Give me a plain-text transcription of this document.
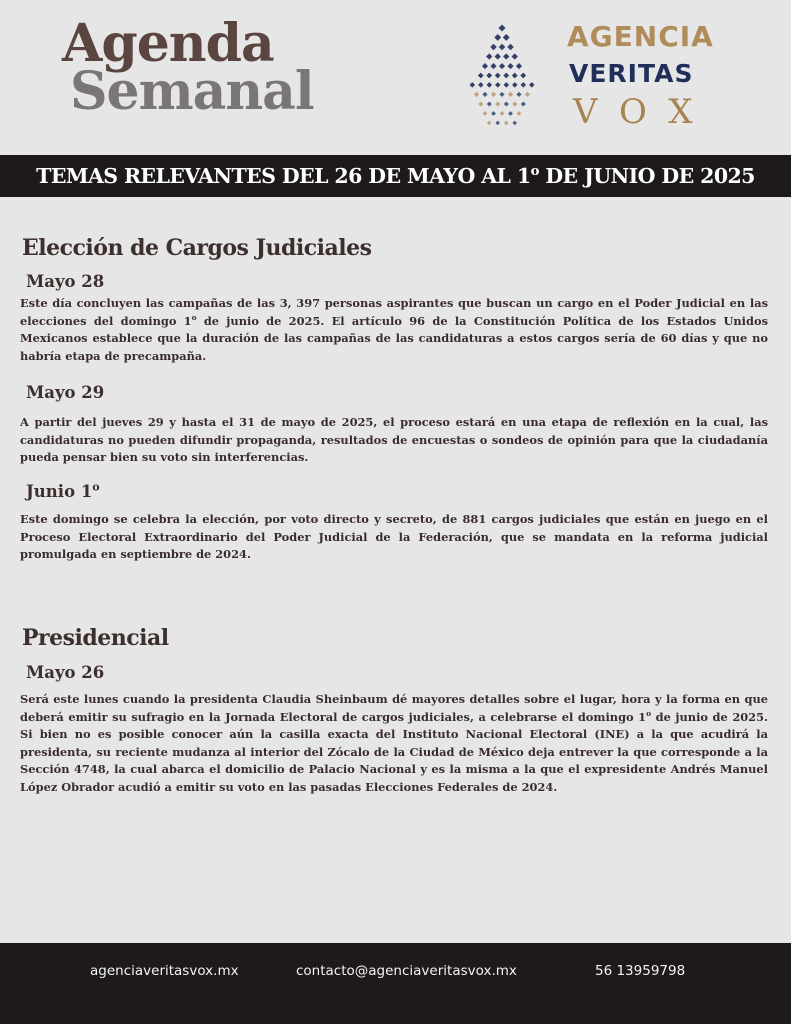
Agenda
Semanal
AGENCIA
VERITAS
VOX
TEMAS RELEVANTES DEL 26 DE MAYO AL 1$^o$ DE JUNIO DE 2025
Elección de Cargos Judiciales
Mayo 28
Este día concluyen las campañas de las 3, 397 personas aspirantes que buscan un cargo en el Poder Judicial en las elecciones del domingo 1$^o$ de junio de 2025. El artículo 96 de la Constitución Política de los Estados Unidos Mexicanos establece que la duración de las campañas de las candidaturas a estos cargos sería de 60 días y que no habría etapa de precampaña.
Mayo 29
A partir del jueves 29 y hasta el 31 de mayo de 2025, el proceso estará en una etapa de reflexión en la cual, las candidaturas no pueden difundir propaganda, resultados de encuestas o sondeos de opinión para que la ciudadanía pueda pensar bien su voto sin interferencias.
Junio 1$^o$
Este domingo se celebra la elección, por voto directo y secreto, de 881 cargos judiciales que están en juego en el Proceso Electoral Extraordinario del Poder Judicial de la Federación, que se mandata en la reforma judicial promulgada en septiembre de 2024.
Presidencial
Mayo 26
Será este lunes cuando la presidenta Claudia Sheinbaum dé mayores detalles sobre el lugar, hora y la forma en que deberá emitir su sufragio en la Jornada Electoral de cargos judiciales, a celebrarse el domingo 1$^o$ de junio de 2025. Si bien no es posible conocer aún la casilla exacta del Instituto Nacional Electoral (INE) a la que acudirá la presidenta, su reciente mudanza al interior del Zócalo de la Ciudad de México deja entrever la que corresponde a la Sección 4748, la cual abarca el domicilio de Palacio Nacional y es la misma a la que el expresidente Andrés Manuel López Obrador acudió a emitir su voto en las pasadas Elecciones Federales de 2024.
agenciaveritasvox.mx	contacto@agenciaveritasvox.mx	56 13959798
